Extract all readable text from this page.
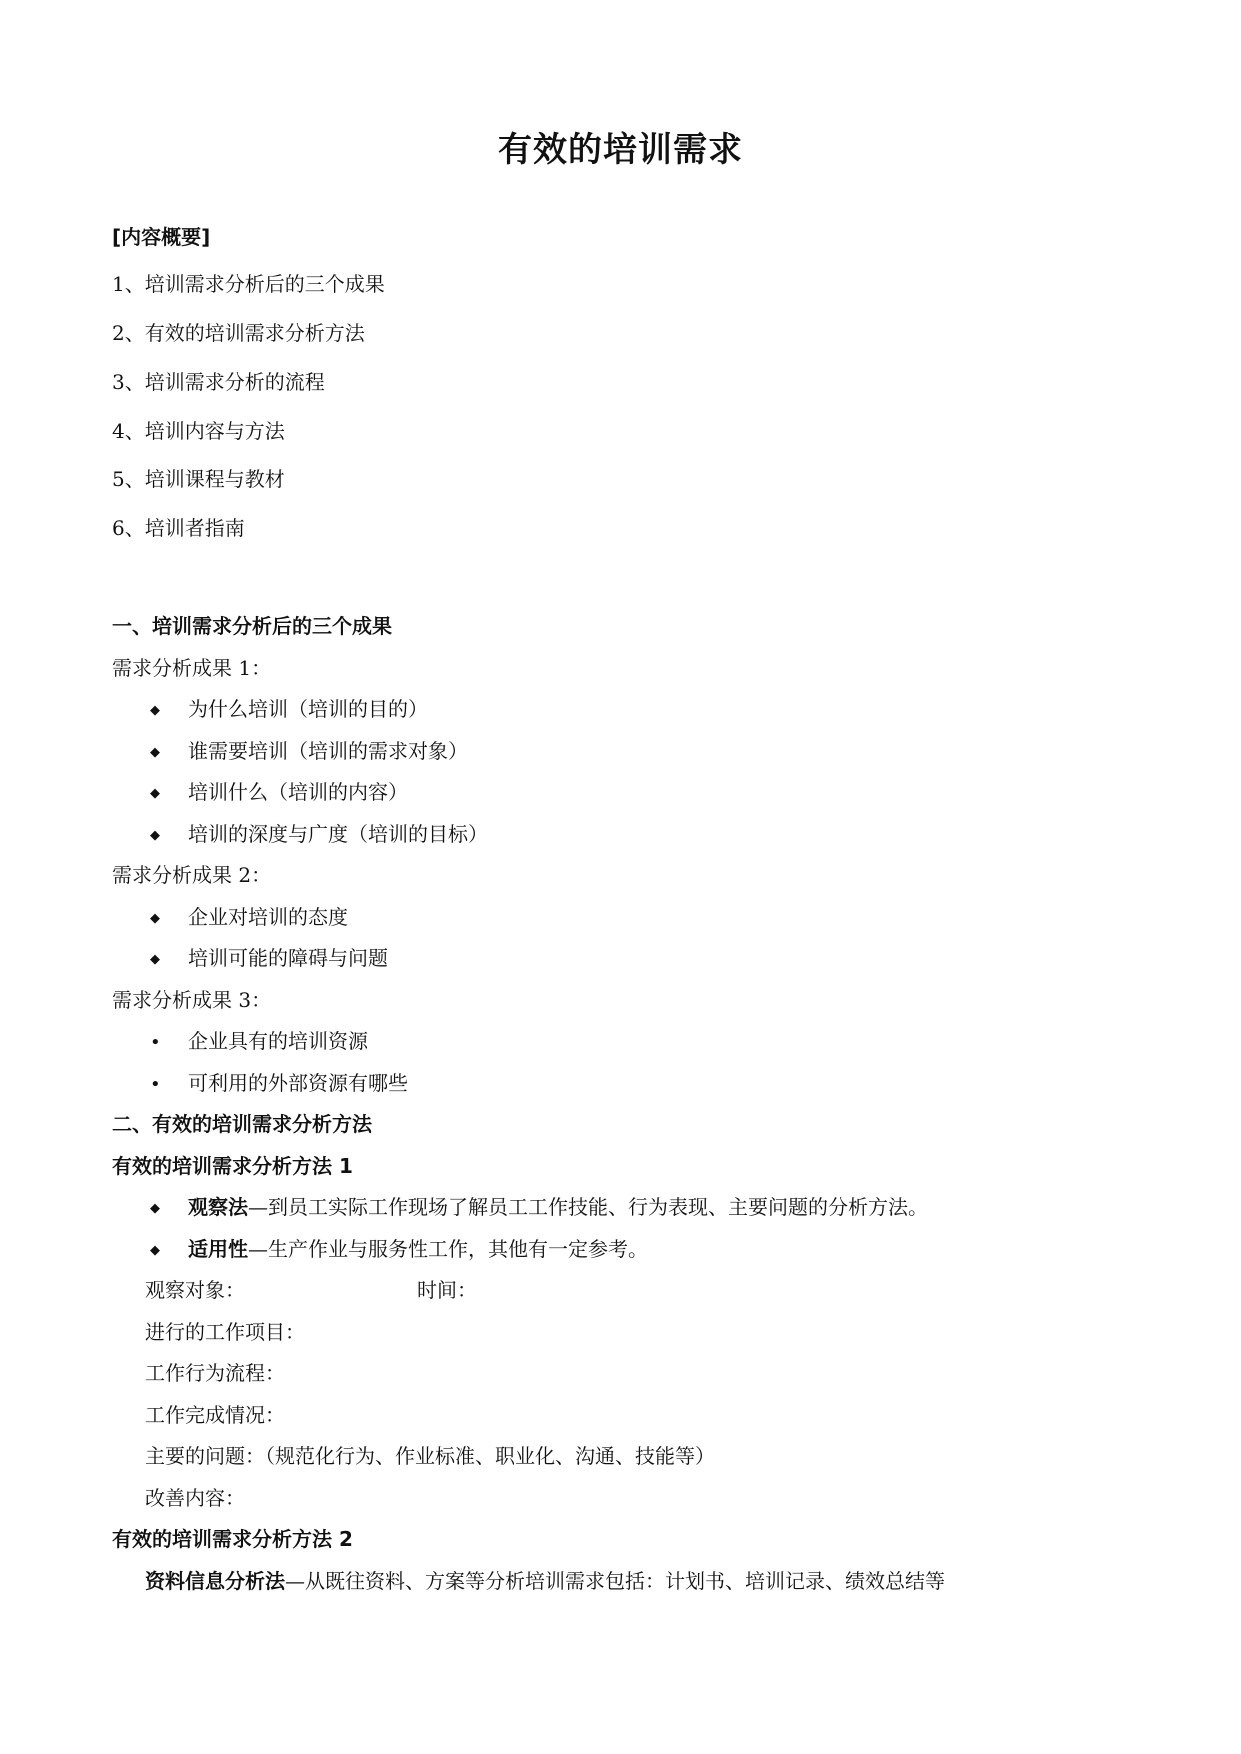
有效的培训需求
[内容概要]
1、培训需求分析后的三个成果
2、有效的培训需求分析方法
3、培训需求分析的流程
4、培训内容与方法
5、培训课程与教材
6、培训者指南
一、培训需求分析后的三个成果
需求分析成果 1：
◆ 为什么培训（培训的目的）
◆ 谁需要培训（培训的需求对象）
◆ 培训什么（培训的内容）
◆ 培训的深度与广度（培训的目标）
需求分析成果 2：
◆ 企业对培训的态度
◆ 培训可能的障碍与问题
需求分析成果 3：
• 企业具有的培训资源
• 可利用的外部资源有哪些
二、有效的培训需求分析方法
有效的培训需求分析方法 1
◆ 观察法—到员工实际工作现场了解员工工作技能、行为表现、主要问题的分析方法。
◆ 适用性—生产作业与服务性工作，其他有一定参考。
观察对象：	时间：
进行的工作项目：
工作行为流程：
工作完成情况：
主要的问题：（规范化行为、作业标准、职业化、沟通、技能等）
改善内容：
有效的培训需求分析方法 2
资料信息分析法—从既往资料、方案等分析培训需求包括：计划书、培训记录、绩效总结等
